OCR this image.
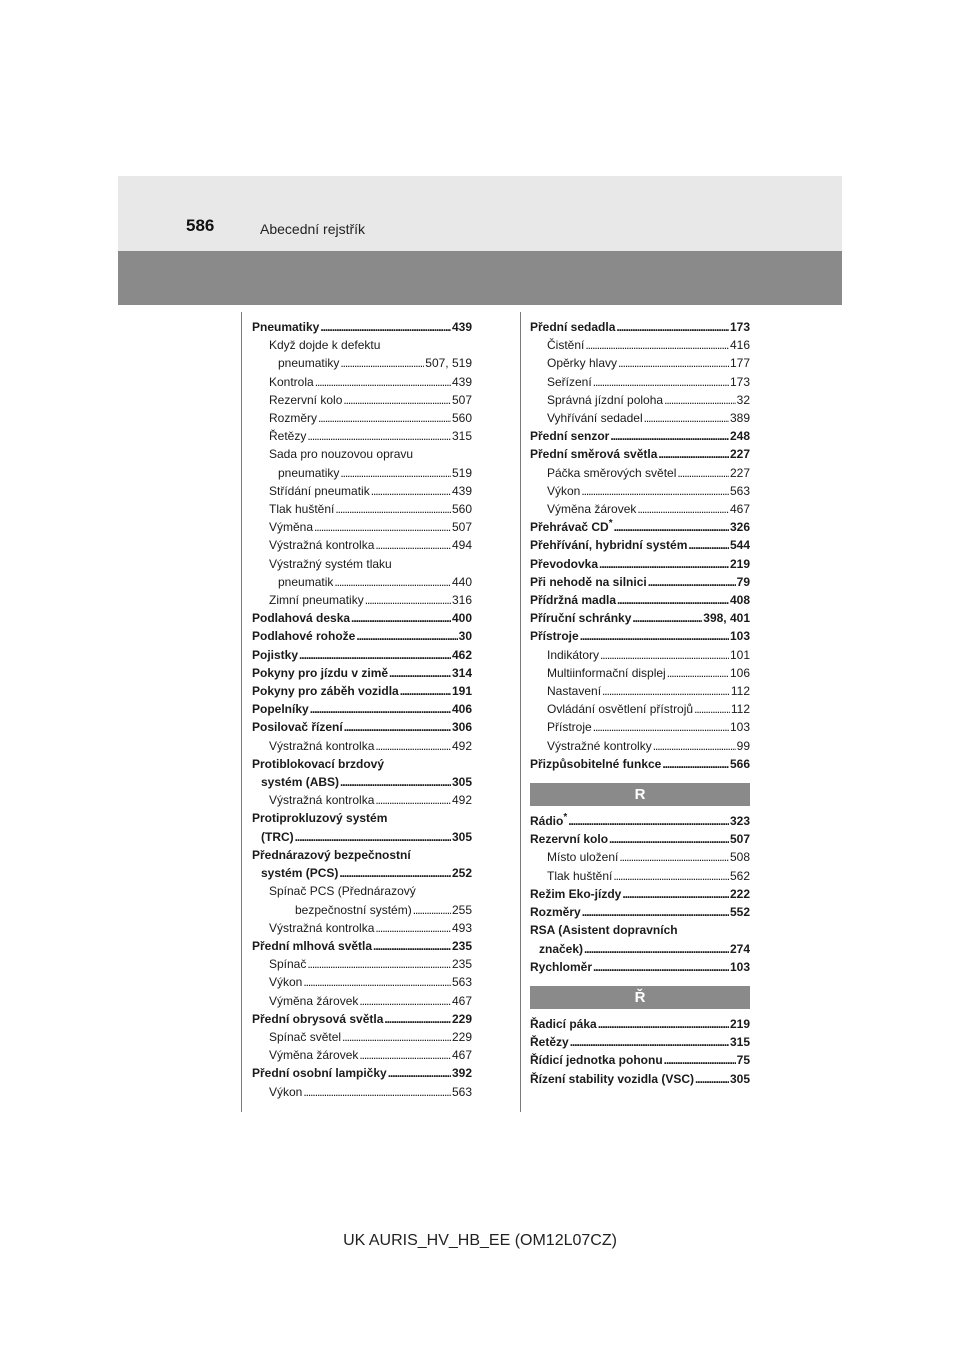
586	Abecední rejstřík
Pneumatiky . . .	439
Když dojde k defektu
pneumatiky . . .	507, 519
Kontrola . . .	439
Rezervní kolo . . .	507
Rozměry . . .	560
Řetězy . . .	315
Sada pro nouzovou opravu
pneumatiky . . .	519
Střídání pneumatik . . .	439
Tlak huštění . . .	560
Výměna . . .	507
Výstražná kontrolka . . .	494
Výstražný systém tlaku
pneumatik . . .	440
Zimní pneumatiky . . .	316
Podlahová deska . . .	400
Podlahové rohože . . .	30
Pojistky . . .	462
Pokyny pro jízdu v zimě . . .	314
Pokyny pro záběh vozidla . . .	191
Popelníky . . .	406
Posilovač řízení . . .	306
Výstražná kontrolka . . .	492
Protiblokovací brzdový
systém (ABS) . . .	305
Výstražná kontrolka . . .	492
Protiprokluzový systém
(TRC) . . .	305
Přednárazový bezpečnostní
systém (PCS) . . .	252
Spínač PCS (Přednárazový
bezpečnostní systém) . . .	255
Výstražná kontrolka . . .	493
Přední mlhová světla . . .	235
Spínač . . .	235
Výkon . . .	563
Výměna žárovek . . .	467
Přední obrysová světla . . .	229
Spínač světel . . .	229
Výměna žárovek . . .	467
Přední osobní lampičky . . .	392
Výkon . . .	563
Přední sedadla . . .	173
Čistění . . .	416
Opěrky hlavy . . .	177
Seřízení . . .	173
Správná jízdní poloha . . .	32
Vyhřívání sedadel . . .	389
Přední senzor . . .	248
Přední směrová světla . . .	227
Páčka směrových světel . . .	227
Výkon . . .	563
Výměna žárovek . . .	467
Přehrávač CD* . . .	326
Přehřívání, hybridní systém . . .	544
Převodovka . . .	219
Při nehodě na silnici . . .	79
Přídržná madla . . .	408
Příruční schránky . . .	398, 401
Přístroje . . .	103
Indikátory . . .	101
Multiinformační displej . . .	106
Nastavení . . .	112
Ovládání osvětlení přístrojů . . .	112
Přístroje . . .	103
Výstražné kontrolky . . .	99
Přizpůsobitelné funkce . . .	566
R
Rádio* . . .	323
Rezervní kolo . . .	507
Místo uložení . . .	508
Tlak huštění . . .	562
Režim Eko-jízdy . . .	222
Rozměry . . .	552
RSA (Asistent dopravních
značek) . . .	274
Rychloměr . . .	103
Ř
Řadicí páka . . .	219
Řetězy . . .	315
Řídicí jednotka pohonu . . .	75
Řízení stability vozidla (VSC) . . .	305
UK AURIS_HV_HB_EE (OM12L07CZ)
